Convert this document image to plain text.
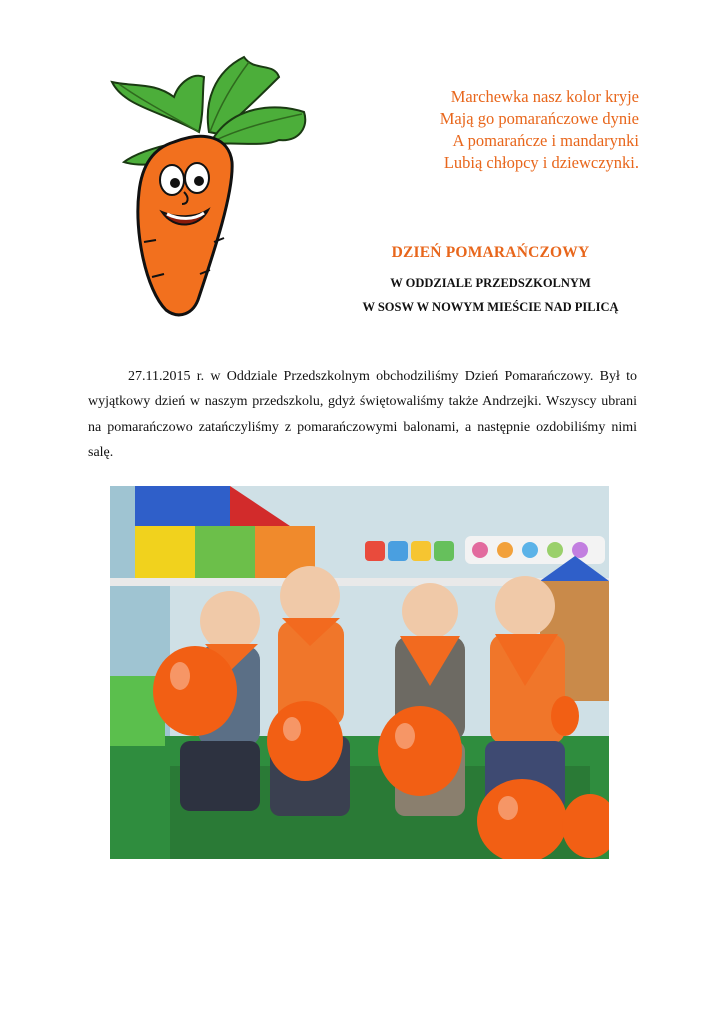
Marchewka nasz kolor kryje
Mają go pomarańczowe dynie
A pomarańcze i mandarynki
Lubią chłopcy i dziewczynki.
DZIEŃ POMARAŃCZOWY
W ODDZIALE PRZEDSZKOLNYM
W SOSW W NOWYM MIEŚCIE NAD PILICĄ
27.11.2015 r. w Oddziale Przedszkolnym obchodziliśmy Dzień Pomarańczowy. Był to wyjątkowy dzień w naszym przedszkolu, gdyż świętowaliśmy także Andrzejki. Wszyscy ubrani na pomarańczowo zatańczyliśmy z pomarańczowymi balonami, a następnie ozdobiliśmy nimi salę.
